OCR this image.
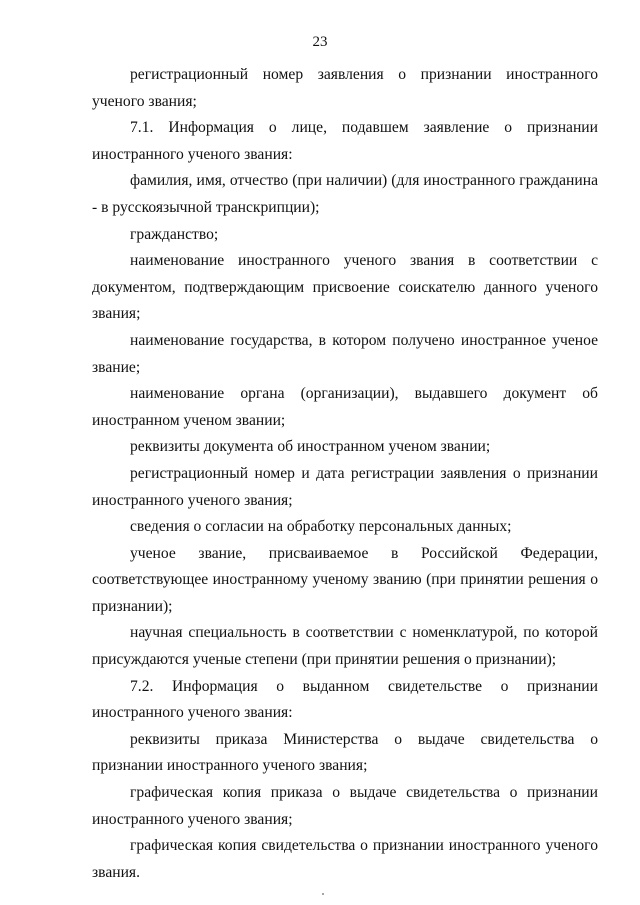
23

регистрационный номер заявления о признании иностранного ученого звания;

7.1. Информация о лице, подавшем заявление о признании иностранного ученого звания:

фамилия, имя, отчество (при наличии) (для иностранного гражданина - в русскоязычной транскрипции);

гражданство;

наименование иностранного ученого звания в соответствии с документом, подтверждающим присвоение соискателю данного ученого звания;

наименование государства, в котором получено иностранное ученое звание;

наименование органа (организации), выдавшего документ об иностранном ученом звании;

реквизиты документа об иностранном ученом звании;

регистрационный номер и дата регистрации заявления о признании иностранного ученого звания;

сведения о согласии на обработку персональных данных;

ученое звание, присваиваемое в Российской Федерации, соответствующее иностранному ученому званию (при принятии решения о признании);

научная специальность в соответствии с номенклатурой, по которой присуждаются ученые степени (при принятии решения о признании);

7.2. Информация о выданном свидетельстве о признании иностранного ученого звания:

реквизиты приказа Министерства о выдаче свидетельства о признании иностранного ученого звания;

графическая копия приказа о выдаче свидетельства о признании иностранного ученого звания;

графическая копия свидетельства о признании иностранного ученого звания.
